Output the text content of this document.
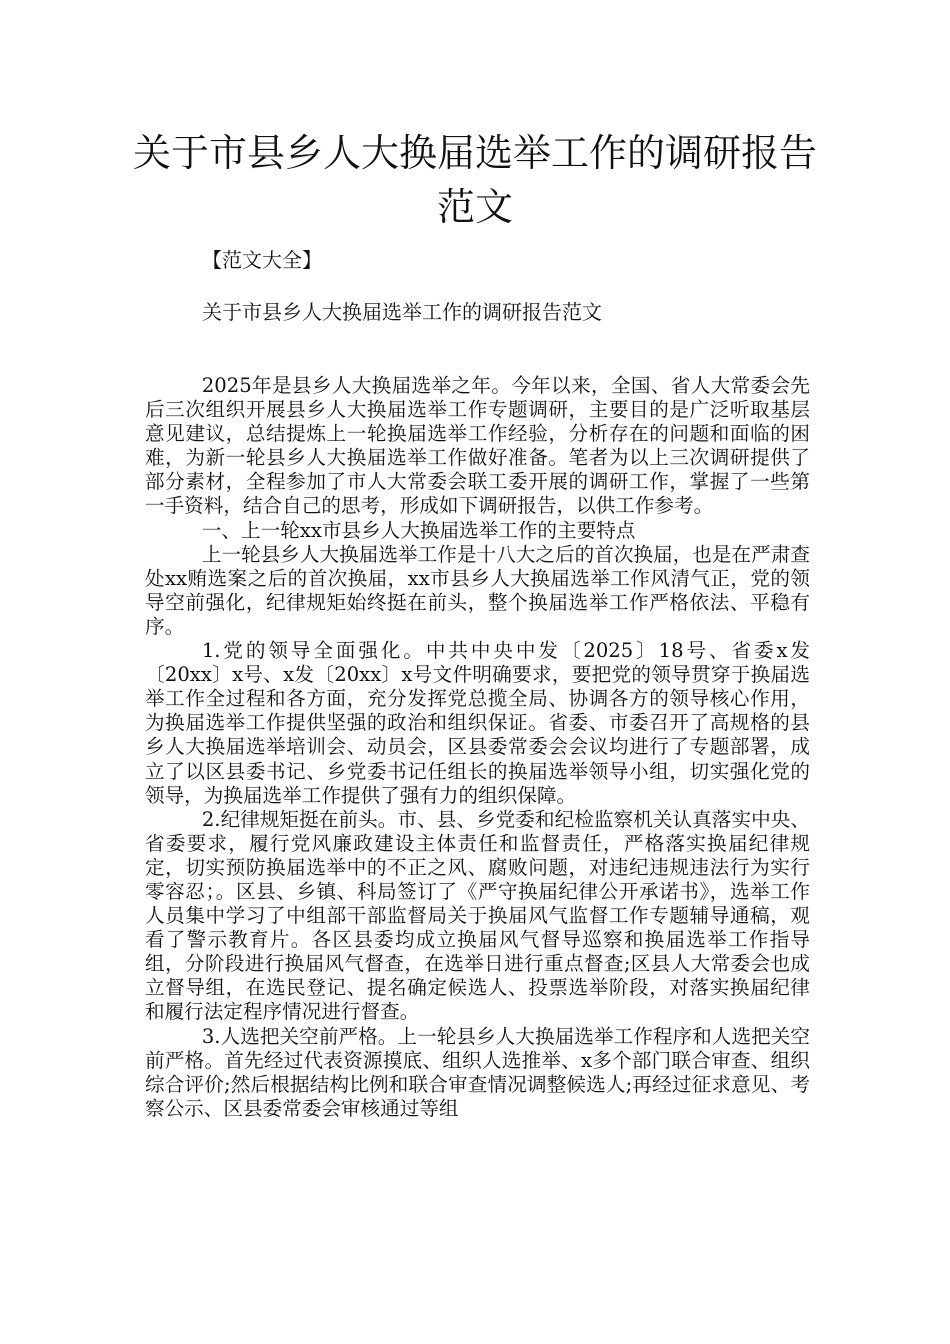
关于市县乡人大换届选举工作的调研报告
范文

【范文大全】

关于市县乡人大换届选举工作的调研报告范文

2025年是县乡人大换届选举之年。今年以来，全国、省人大常委会先后三次组织开展县乡人大换届选举工作专题调研，主要目的是广泛听取基层意见建议，总结提炼上一轮换届选举工作经验，分析存在的问题和面临的困难，为新一轮县乡人大换届选举工作做好准备。笔者为以上三次调研提供了部分素材，全程参加了市人大常委会联工委开展的调研工作，掌握了一些第一手资料，结合自己的思考，形成如下调研报告，以供工作参考。

一、上一轮xx市县乡人大换届选举工作的主要特点

上一轮县乡人大换届选举工作是十八大之后的首次换届，也是在严肃查处xx贿选案之后的首次换届，xx市县乡人大换届选举工作风清气正，党的领导空前强化，纪律规矩始终挺在前头，整个换届选举工作严格依法、平稳有序。

1.党的领导全面强化。中共中央中发〔2025〕18号、省委x发〔20xx〕x号、x发〔20xx〕x号文件明确要求，要把党的领导贯穿于换届选举工作全过程和各方面，充分发挥党总揽全局、协调各方的领导核心作用，为换届选举工作提供坚强的政治和组织保证。省委、市委召开了高规格的县乡人大换届选举培训会、动员会，区县委常委会会议均进行了专题部署，成立了以区县委书记、乡党委书记任组长的换届选举领导小组，切实强化党的领导，为换届选举工作提供了强有力的组织保障。

2.纪律规矩挺在前头。市、县、乡党委和纪检监察机关认真落实中央、省委要求，履行党风廉政建设主体责任和监督责任，严格落实换届纪律规定，切实预防换届选举中的不正之风、腐败问题，对违纪违规违法行为实行零容忍；。区县、乡镇、科局签订了《严守换届纪律公开承诺书》，选举工作人员集中学习了中组部干部监督局关于换届风气监督工作专题辅导通稿，观看了警示教育片。各区县委均成立换届风气督导巡察和换届选举工作指导组，分阶段进行换届风气督查，在选举日进行重点督查;区县人大常委会也成立督导组，在选民登记、提名确定候选人、投票选举阶段，对落实换届纪律和履行法定程序情况进行督查。

3.人选把关空前严格。上一轮县乡人大换届选举工作程序和人选把关空前严格。首先经过代表资源摸底、组织人选推举、x多个部门联合审查、组织综合评价;然后根据结构比例和联合审查情况调整候选人;再经过征求意见、考察公示、区县委常委会审核通过等组
